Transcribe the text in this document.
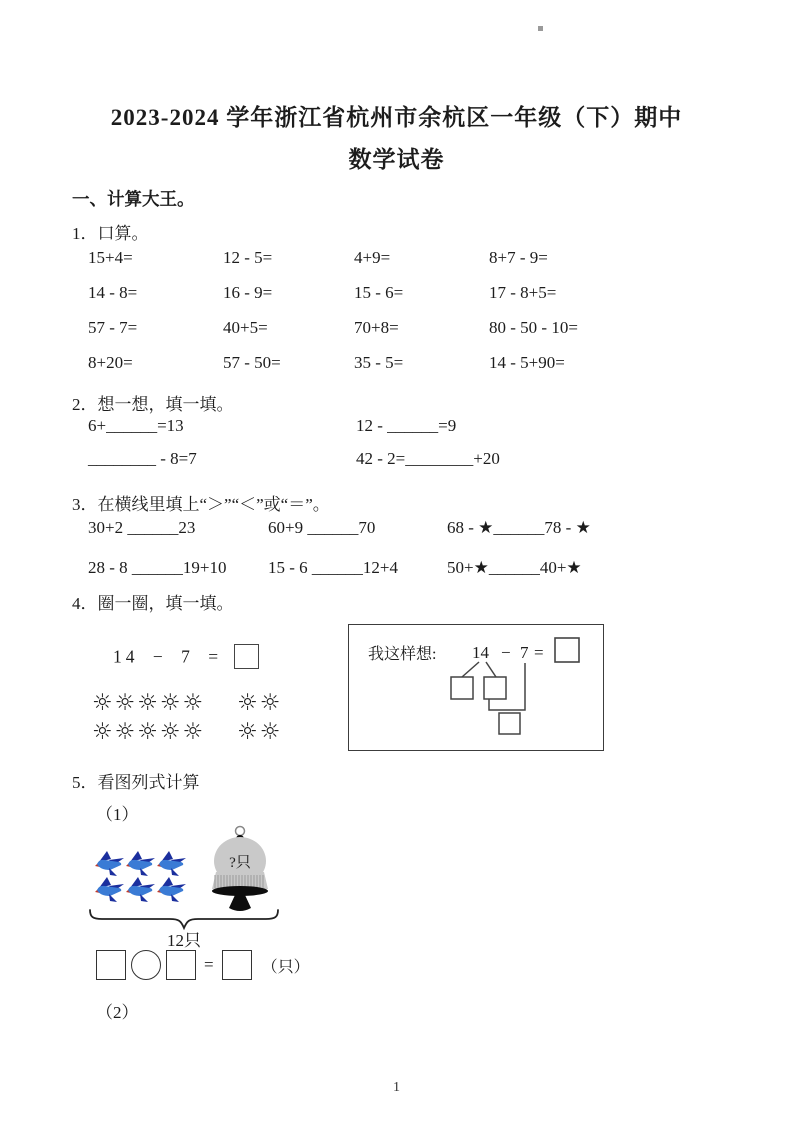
2023-2024 学年浙江省杭州市余杭区一年级（下）期中
数学试卷
一、计算大王。
1．口算。
15+4=	12 - 5=	4+9=	8+7 - 9=
14 - 8=	16 - 9=	15 - 6=	17 - 8+5=
57 - 7=	40+5=	70+8=	80 - 50 - 10=
8+20=	57 - 50=	35 - 5=	14 - 5+90=
2．想一想，填一填。
6+______=13	12 - ______=9
________ - 8=7	42 - 2=________+20
3．在横线里填上“＞”“＜”或“＝”。
30+2 ______23	60+9 ______70	68 - ★______78 - ★
28 - 8 ______19+10	15 - 6 ______12+4	50+★______40+★
4．圈一圈，填一填。
14 − 7 =
☼☼☼☼☼ ☼☼
☼☼☼☼☼ ☼☼
我这样想: 14 − 7 =
5．看图列式计算
（1）
?只
12只
=	（只）
（2）
1
